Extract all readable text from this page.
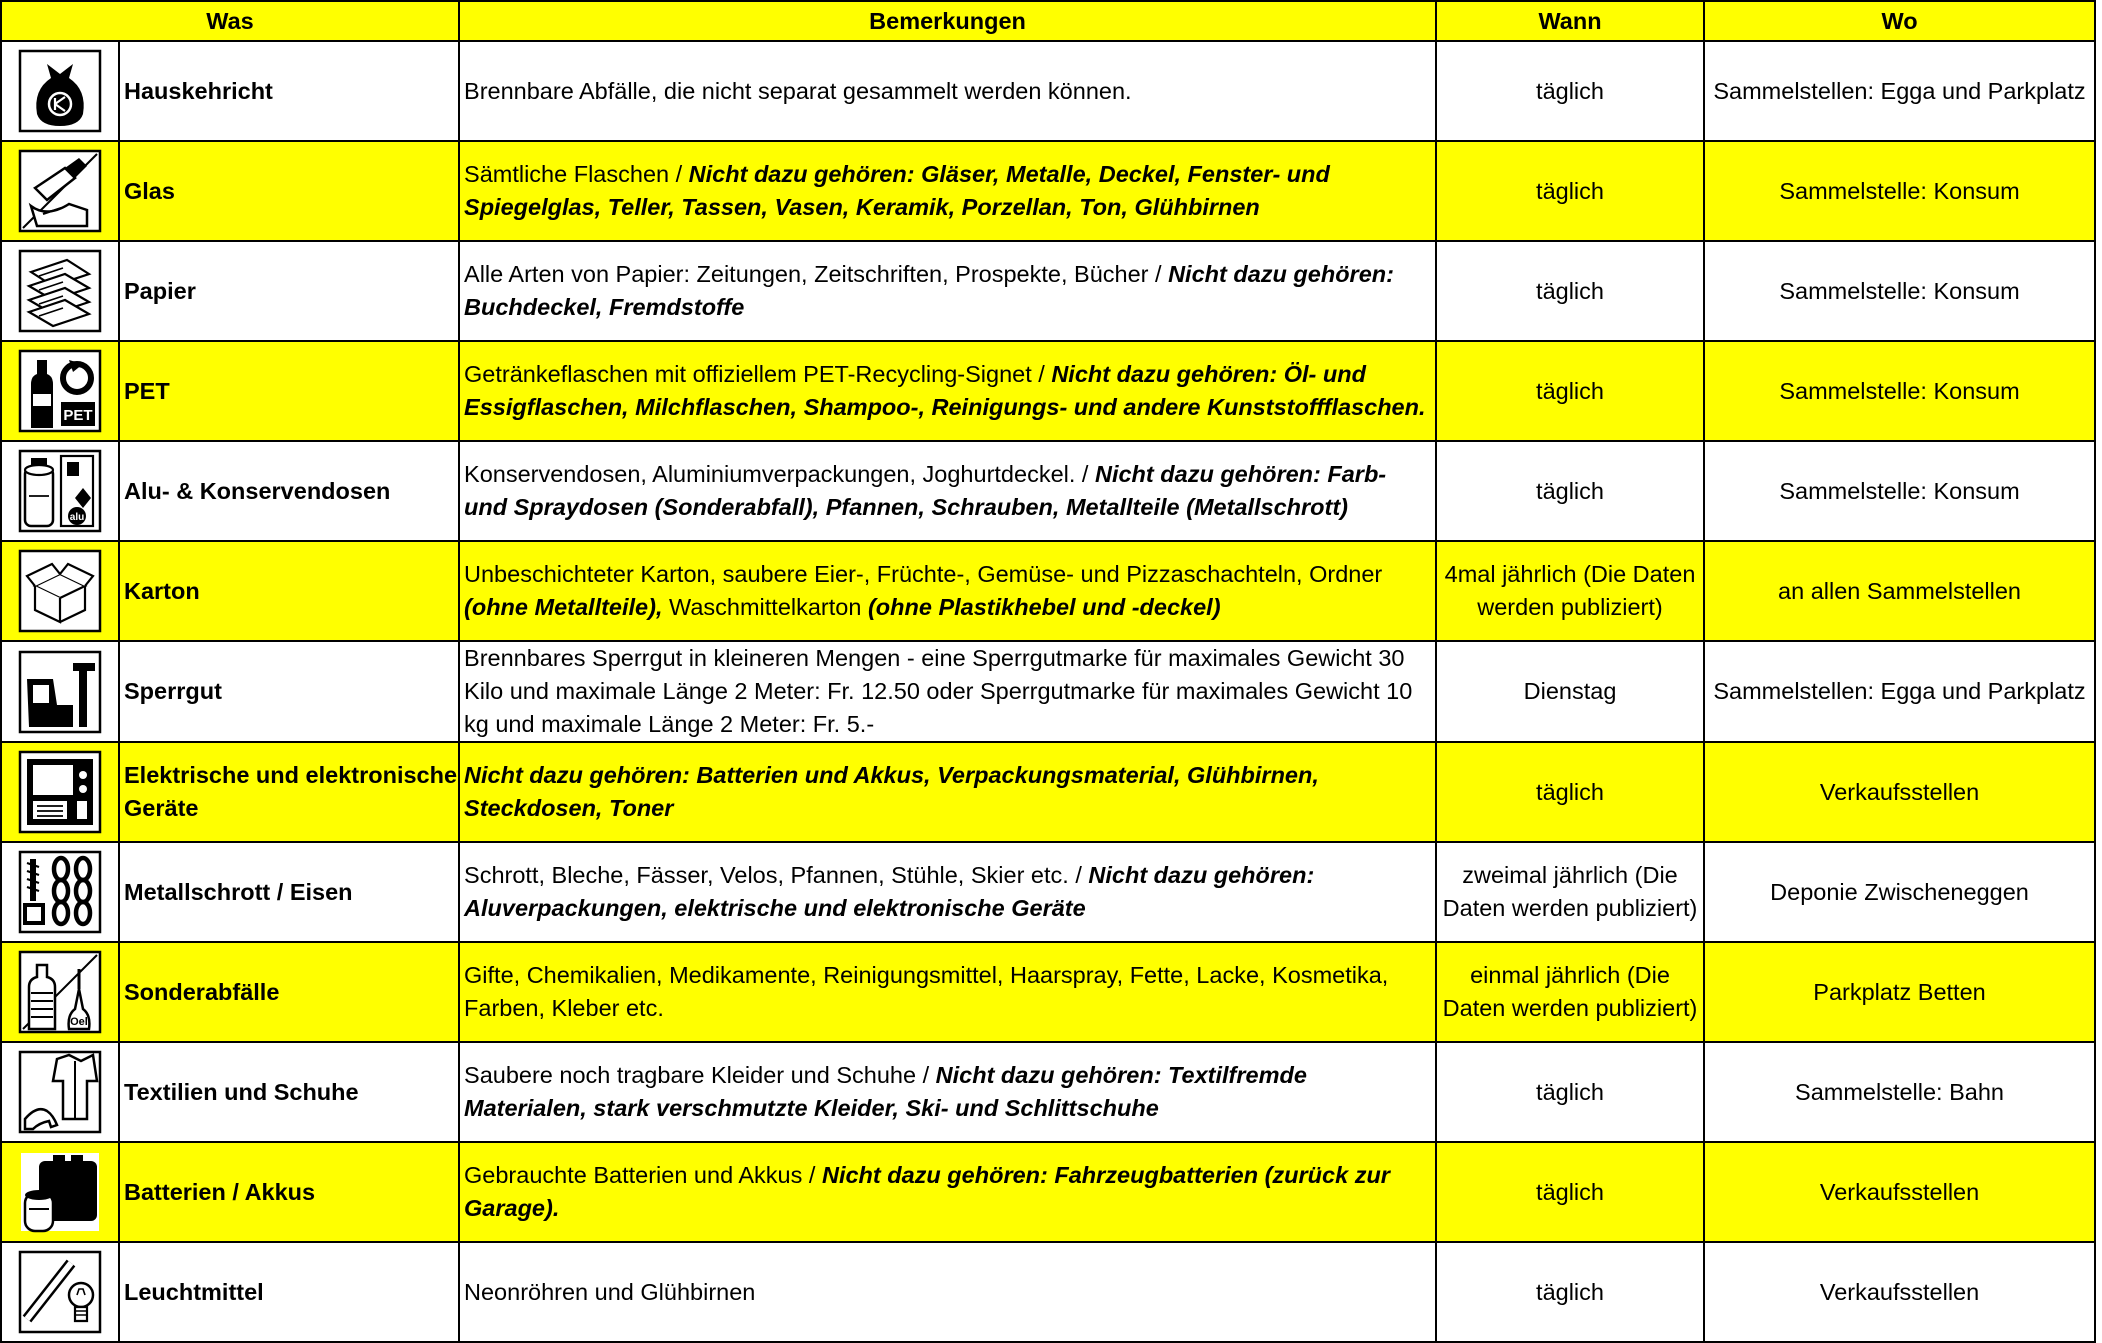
Was		Bemerkungen	Wann	Wo

	Hauskehricht	Brennbare Abfälle, die nicht separat gesammelt werden können.	täglich	Sammelstellen: Egga und Parkplatz

	Glas	Sämtliche Flaschen / Nicht dazu gehören: Gläser, Metalle, Deckel, Fenster- und Spiegelglas, Teller, Tassen, Vasen, Keramik, Porzellan, Ton, Glühbirnen	täglich	Sammelstelle: Konsum

	Papier	Alle Arten von Papier: Zeitungen, Zeitschriften, Prospekte, Bücher / Nicht dazu gehören: Buchdeckel, Fremdstoffe	täglich	Sammelstelle: Konsum

PET	PET	Getränkeflaschen mit offiziellem PET-Recycling-Signet / Nicht dazu gehören: Öl- und Essigflaschen, Milchflaschen, Shampoo-, Reinigungs- und andere Kunststoffflaschen.	täglich	Sammelstelle: Konsum

alu	Alu- & Konservendosen	Konservendosen, Aluminiumverpackungen, Joghurtdeckel. / Nicht dazu gehören: Farb- und Spraydosen (Sonderabfall), Pfannen, Schrauben, Metallteile (Metallschrott)	täglich	Sammelstelle: Konsum

	Karton	Unbeschichteter Karton, saubere Eier-, Früchte-, Gemüse- und Pizzaschachteln, Ordner (ohne Metallteile), Waschmittelkarton (ohne Plastikhebel und -deckel)	4mal jährlich (Die Daten werden publiziert)	an allen Sammelstellen

	Sperrgut	Brennbares Sperrgut in kleineren Mengen - eine Sperrgutmarke für maximales Gewicht 30 Kilo und maximale Länge 2 Meter: Fr. 12.50 oder Sperrgutmarke für maximales Gewicht 10 kg und maximale Länge 2 Meter: Fr. 5.-	Dienstag	Sammelstellen: Egga und Parkplatz

	Elektrische und elektronische Geräte	Nicht dazu gehören: Batterien und Akkus, Verpackungsmaterial, Glühbirnen, Steckdosen, Toner	täglich	Verkaufsstellen

	Metallschrott / Eisen	Schrott, Bleche, Fässer, Velos, Pfannen, Stühle, Skier etc. / Nicht dazu gehören: Aluverpackungen, elektrische und elektronische Geräte	zweimal jährlich (Die Daten werden publiziert)	Deponie Zwischeneggen

Oel	Sonderabfälle	Gifte, Chemikalien, Medikamente, Reinigungsmittel, Haarspray, Fette, Lacke, Kosmetika, Farben, Kleber etc.	einmal jährlich (Die Daten werden publiziert)	Parkplatz Betten

	Textilien und Schuhe	Saubere noch tragbare Kleider und Schuhe / Nicht dazu gehören: Textilfremde Materialen, stark verschmutzte Kleider, Ski- und Schlittschuhe	täglich	Sammelstelle: Bahn

	Batterien / Akkus	Gebrauchte Batterien und Akkus / Nicht dazu gehören: Fahrzeugbatterien (zurück zur Garage).	täglich	Verkaufsstellen

	Leuchtmittel	Neonröhren und Glühbirnen	täglich	Verkaufsstellen
